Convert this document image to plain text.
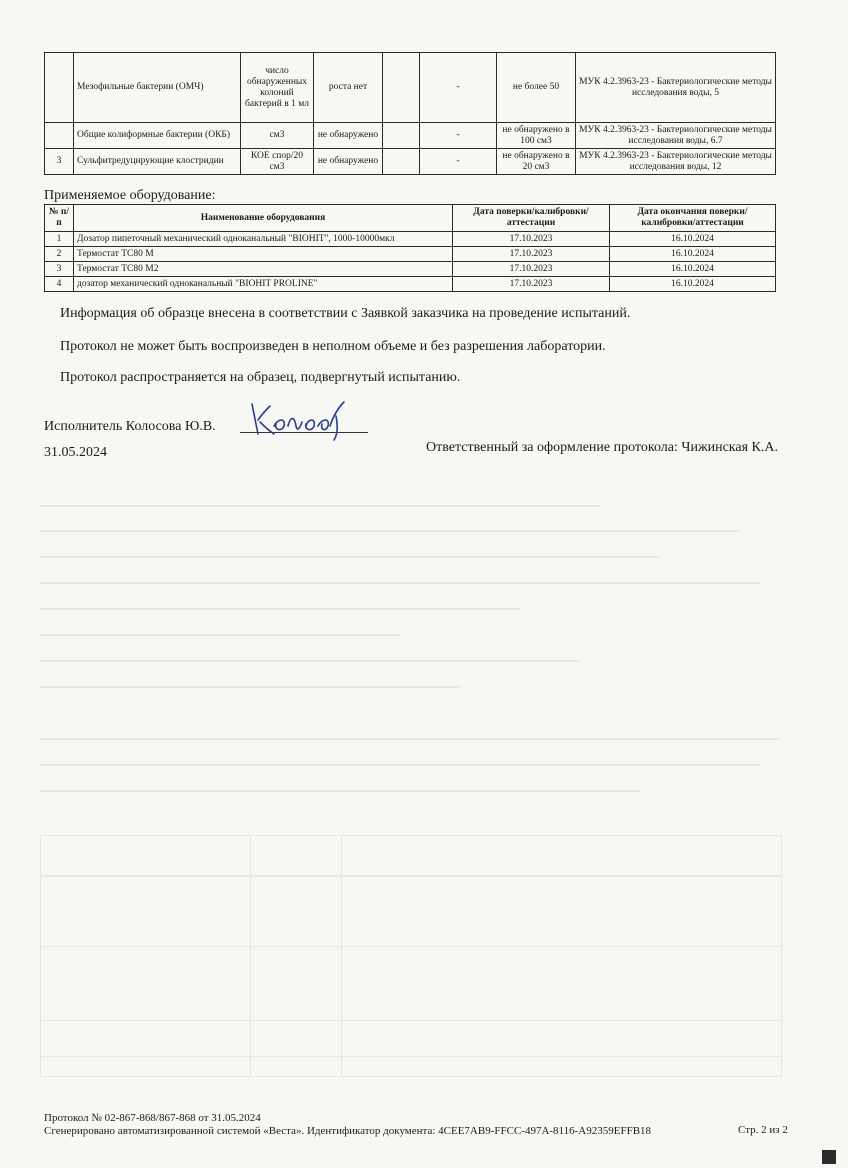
	Мезофильные бактерии (ОМЧ)	число обнаруженных колоний бактерий в 1 мл	роста нет		-	не более 50	МУК 4.2.3963-23 - Бактериологические методы исследования воды, 5
	Общие колиформные бактерии (ОКБ)	см3	не обнаружено		-	не обнаружено в 100 см3	МУК 4.2.3963-23 - Бактериологические методы исследования воды, 6.7
3	Сульфитредуцирующие клостридии	КОЕ спор/20 см3	не обнаружено		-	не обнаружено в 20 см3	МУК 4.2.3963-23 - Бактериологические методы исследования воды, 12
Применяемое оборудование:
№ п/п	Наименование оборудования	Дата поверки/калибровки/аттестации	Дата окончания поверки/калибровки/аттестации
1	Дозатор пипеточный механический одноканальный "BIOHIT", 1000-10000мкл	17.10.2023	16.10.2024
2	Термостат ТС80 М	17.10.2023	16.10.2024
3	Термостат ТС80 М2	17.10.2023	16.10.2024
4	дозатор механический одноканальный "BIOHIT PROLINE"	17.10.2023	16.10.2024
Информация об образце внесена в соответствии с Заявкой заказчика на проведение испытаний.
Протокол не может быть воспроизведен в неполном объеме и без разрешения лаборатории.
Протокол распространяется на образец, подвергнутый испытанию.
Исполнитель Колосова Ю.В.
31.05.2024	Ответственный за оформление протокола: Чижинская К.А.
Протокол № 02-867-868/867-868 от 31.05.2024
Сгенерировано автоматизированной системой «Веста». Идентификатор документа: 4CEE7AB9-FFCC-497A-8116-A92359EFFB18	Стр. 2 из 2
